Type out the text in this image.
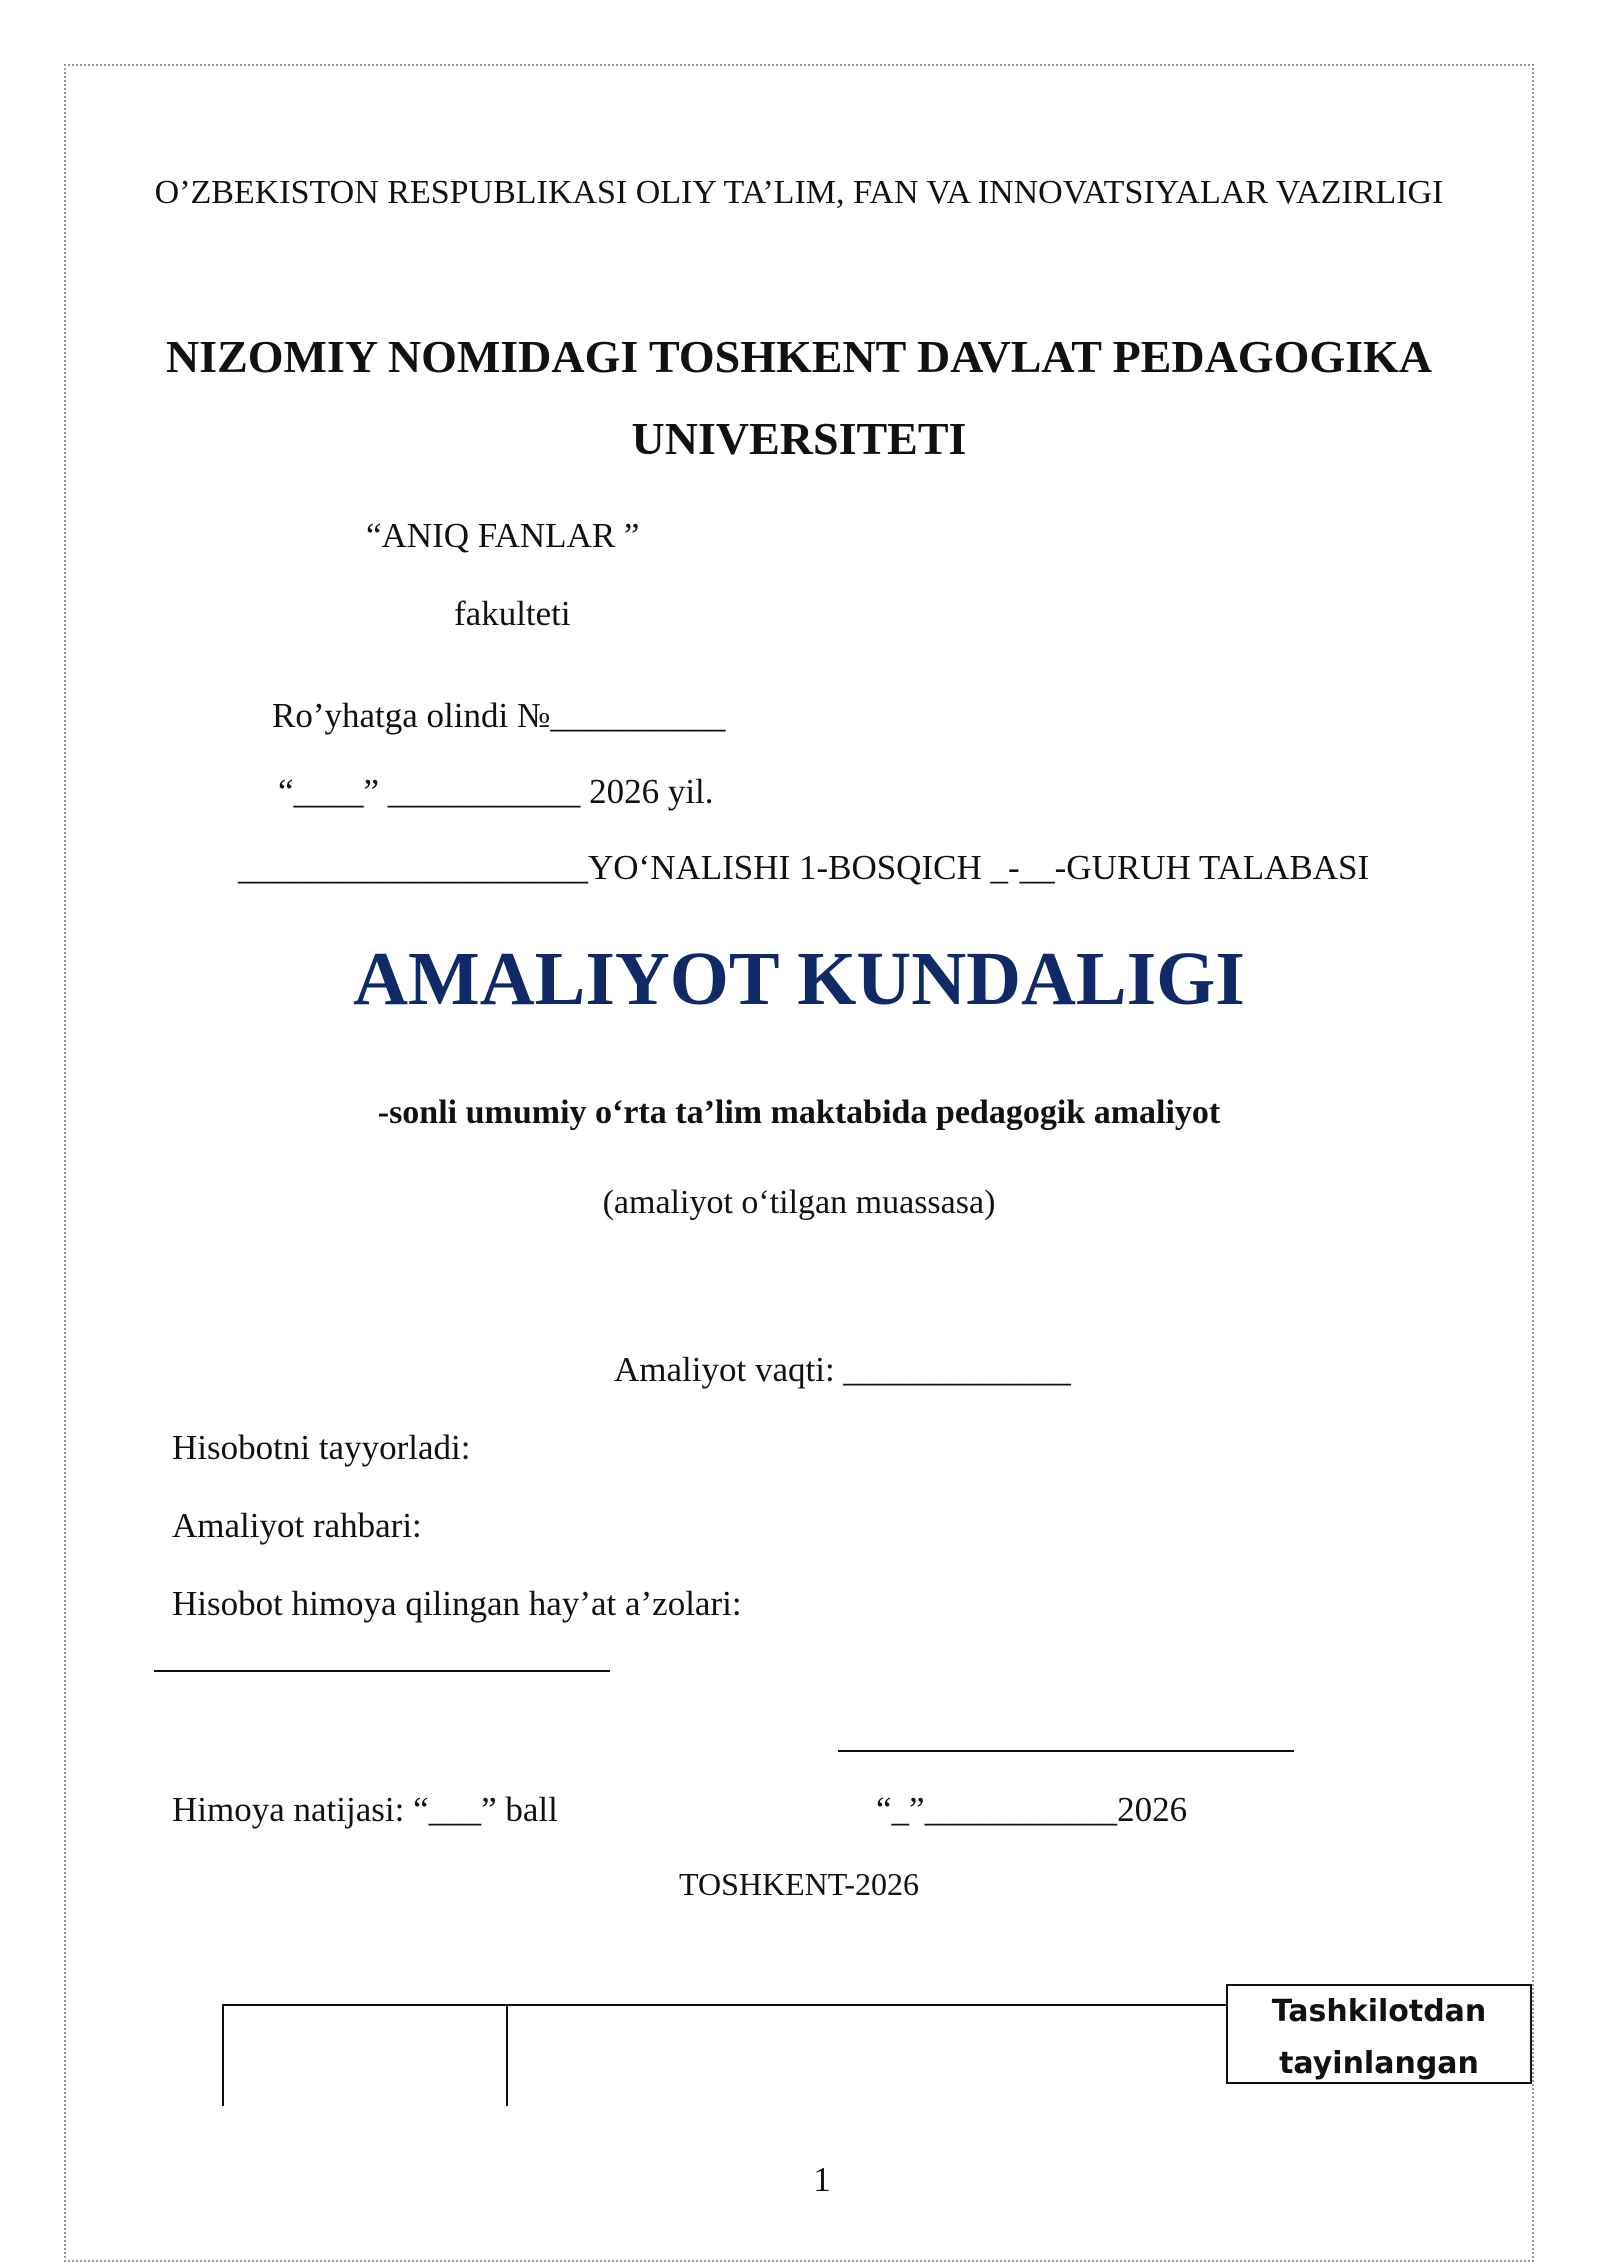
O’ZBEKISTON RESPUBLIKASI OLIY TA’LIM, FAN VA INNOVATSIYALAR VAZIRLIGI
NIZOMIY NOMIDAGI TOSHKENT DAVLAT PEDAGOGIKA UNIVERSITETI
“ANIQ FANLAR ”
fakulteti
Ro’yhatga olindi №__________
“____” ___________ 2026 yil.
____________________YO‘NALISHI 1-BOSQICH _-__-GURUH TALABASI
AMALIYOT KUNDALIGI
-sonli umumiy o‘rta ta’lim maktabida pedagogik amaliyot
(amaliyot o‘tilgan muassasa)
Amaliyot vaqti: _____________
Hisobotni tayyorladi:
Amaliyot rahbari:
Hisobot himoya qilingan hay’at a’zolari:
Himoya natijasi: “___” ball	“_”___________2026
TOSHKENT-2026
Tashkilotdan tayinlangan
1
